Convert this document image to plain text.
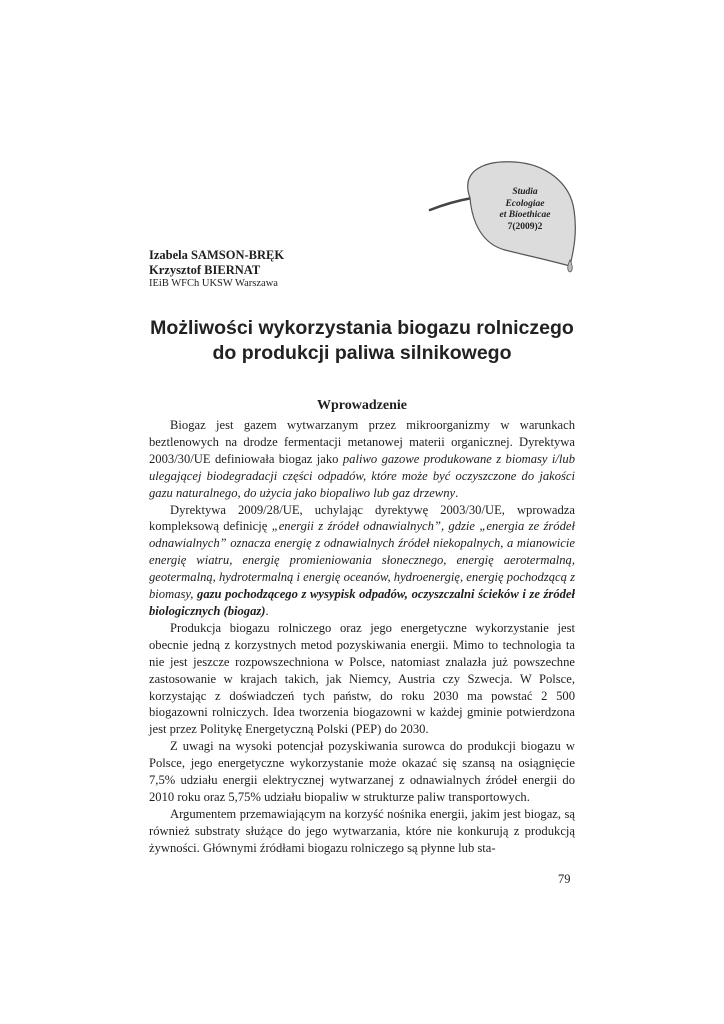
Studia
Ecologiae
et Bioethicae
7(2009)2
Izabela SAMSON-BRĘK
Krzysztof BIERNAT
IEiB WFCh UKSW Warszawa
Możliwości wykorzystania biogazu rolniczego
do produkcji paliwa silnikowego
Wprowadzenie

Biogaz jest gazem wytwarzanym przez mikroorganizmy w warunkach beztlenowych na drodze fermentacji metanowej materii organicznej. Dyrektywa 2003/30/UE definiowała biogaz jako paliwo gazowe produkowane z biomasy i/lub ulegającej biodegradacji części odpadów, które może być oczyszczone do jakości gazu naturalnego, do użycia jako biopaliwo lub gaz drzewny.

Dyrektywa 2009/28/UE, uchylając dyrektywę 2003/30/UE, wprowadza kompleksową definicję „energii z źródeł odnawialnych”, gdzie „energia ze źródeł odnawialnych” oznacza energię z odnawialnych źródeł niekopalnych, a mianowicie energię wiatru, energię promieniowania słonecznego, energię aerotermalną, geotermalną, hydrotermalną i energię oceanów, hydroenergię, energię pochodzącą z biomasy, gazu pochodzącego z wysypisk odpadów, oczyszczalni ścieków i ze źródeł biologicznych (biogaz).

Produkcja biogazu rolniczego oraz jego energetyczne wykorzystanie jest obecnie jedną z korzystnych metod pozyskiwania energii. Mimo to technologia ta nie jest jeszcze rozpowszechniona w Polsce, natomiast znalazła już powszechne zastosowanie w krajach takich, jak Niemcy, Austria czy Szwecja. W Polsce, korzystając z doświadczeń tych państw, do roku 2030 ma powstać 2 500 biogazowni rolniczych. Idea tworzenia biogazowni w każdej gminie potwierdzona jest przez Politykę Energetyczną Polski (PEP) do 2030.

Z uwagi na wysoki potencjał pozyskiwania surowca do produkcji biogazu w Polsce, jego energetyczne wykorzystanie może okazać się szansą na osiągnięcie 7,5% udziału energii elektrycznej wytwarzanej z odnawialnych źródeł energii do 2010 roku oraz 5,75% udziału biopaliw w strukturze paliw transportowych.

Argumentem przemawiającym na korzyść nośnika energii, jakim jest biogaz, są również substraty służące do jego wytwarzania, które nie konkurują z produkcją żywności. Głównymi źródłami biogazu rolniczego są płynne lub sta-

79
